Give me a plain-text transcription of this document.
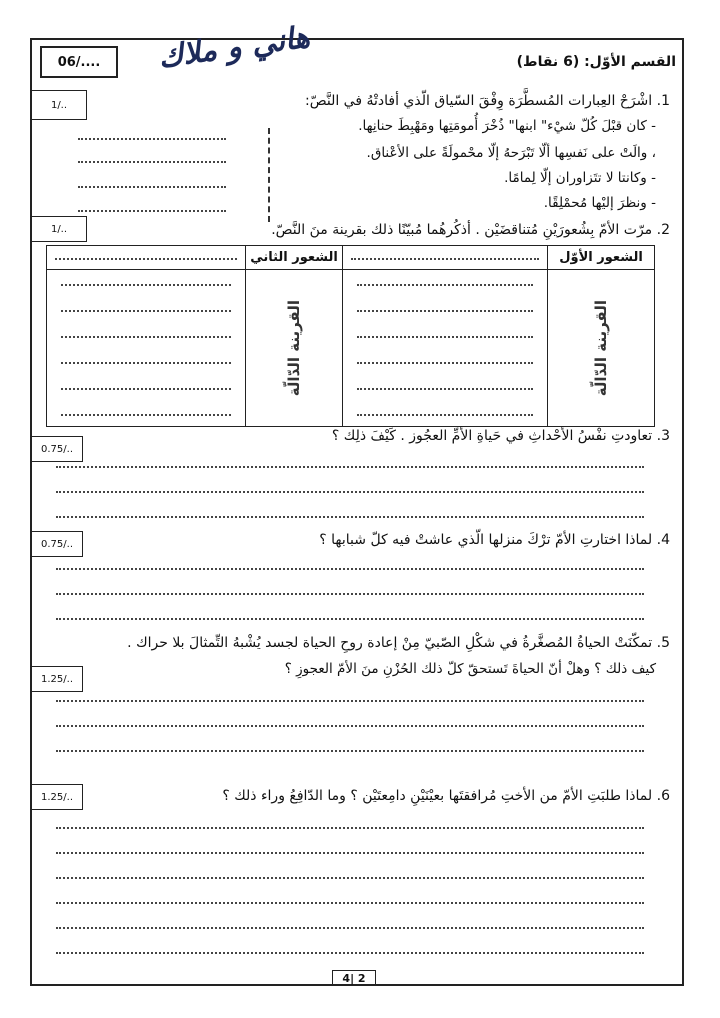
06/....	هاني و ملاك	القسم الأوّل: (6 نقاط)
1/..	1. اشْرَحْ العِبارات المُسطَّرَة وِفْقَ السّياق الّذي أفادتْهُ في النَّصّ:
- كان قبْلَ كُلّ شيْء" ابنها" ذُخْرَ أُمومَتِها ومَهْبِطَ حنانِها.
، والَتْ على نَفسِها ألّا تَبْرَحهُ إلّا محْمولَةً على الأعْناق.
- وكانتا لا تتَزاوران إلّا لِمامًا.
- ونظرَ إليْها مُحمْلِقًا.
1/..	2. مرّت الأمّ بِشُعورَيْنِ مُتناقضَيْن . أذكُرهُما مُبيّنًا ذلك بقرينة منَ النَّصّ.
	الشعور الثاني		الشعور الأوّل

	القرينة الدّالّة		القرينة الدّالّة
0.75/..
3. تعاودتِ نفْسُ الأحْداثِ في حَياةِ الأمِّ العجُوز . كَيْفَ ذلِك ؟
0.75/..	4. لماذا اختارتِ الأمّ ترْكَ منزلها الّذي عاشتْ فيه كلّ شبابها ؟
5. تمكّنَتْ الحياةُ المُصغَّرةُ في شكْلِ الصّبيّ مِنْ إعادة روحِ الحياة لجسد يُشْبهُ التِّمثالَ بلا حراك .
كيف ذلك ؟ وهلْ أنّ الحياةَ تَستحقّ كلّ ذلك الحُزْنِ منَ الأمّ العجوزِ ؟
1.25/..
1.25/..	6. لماذا طلبَتِ الأمّ من الأختِ مُرافقتَها بعيْنَيْنِ دامِعتَيْن ؟ وما الدّافِعُ وراء ذلك ؟
4| 2
